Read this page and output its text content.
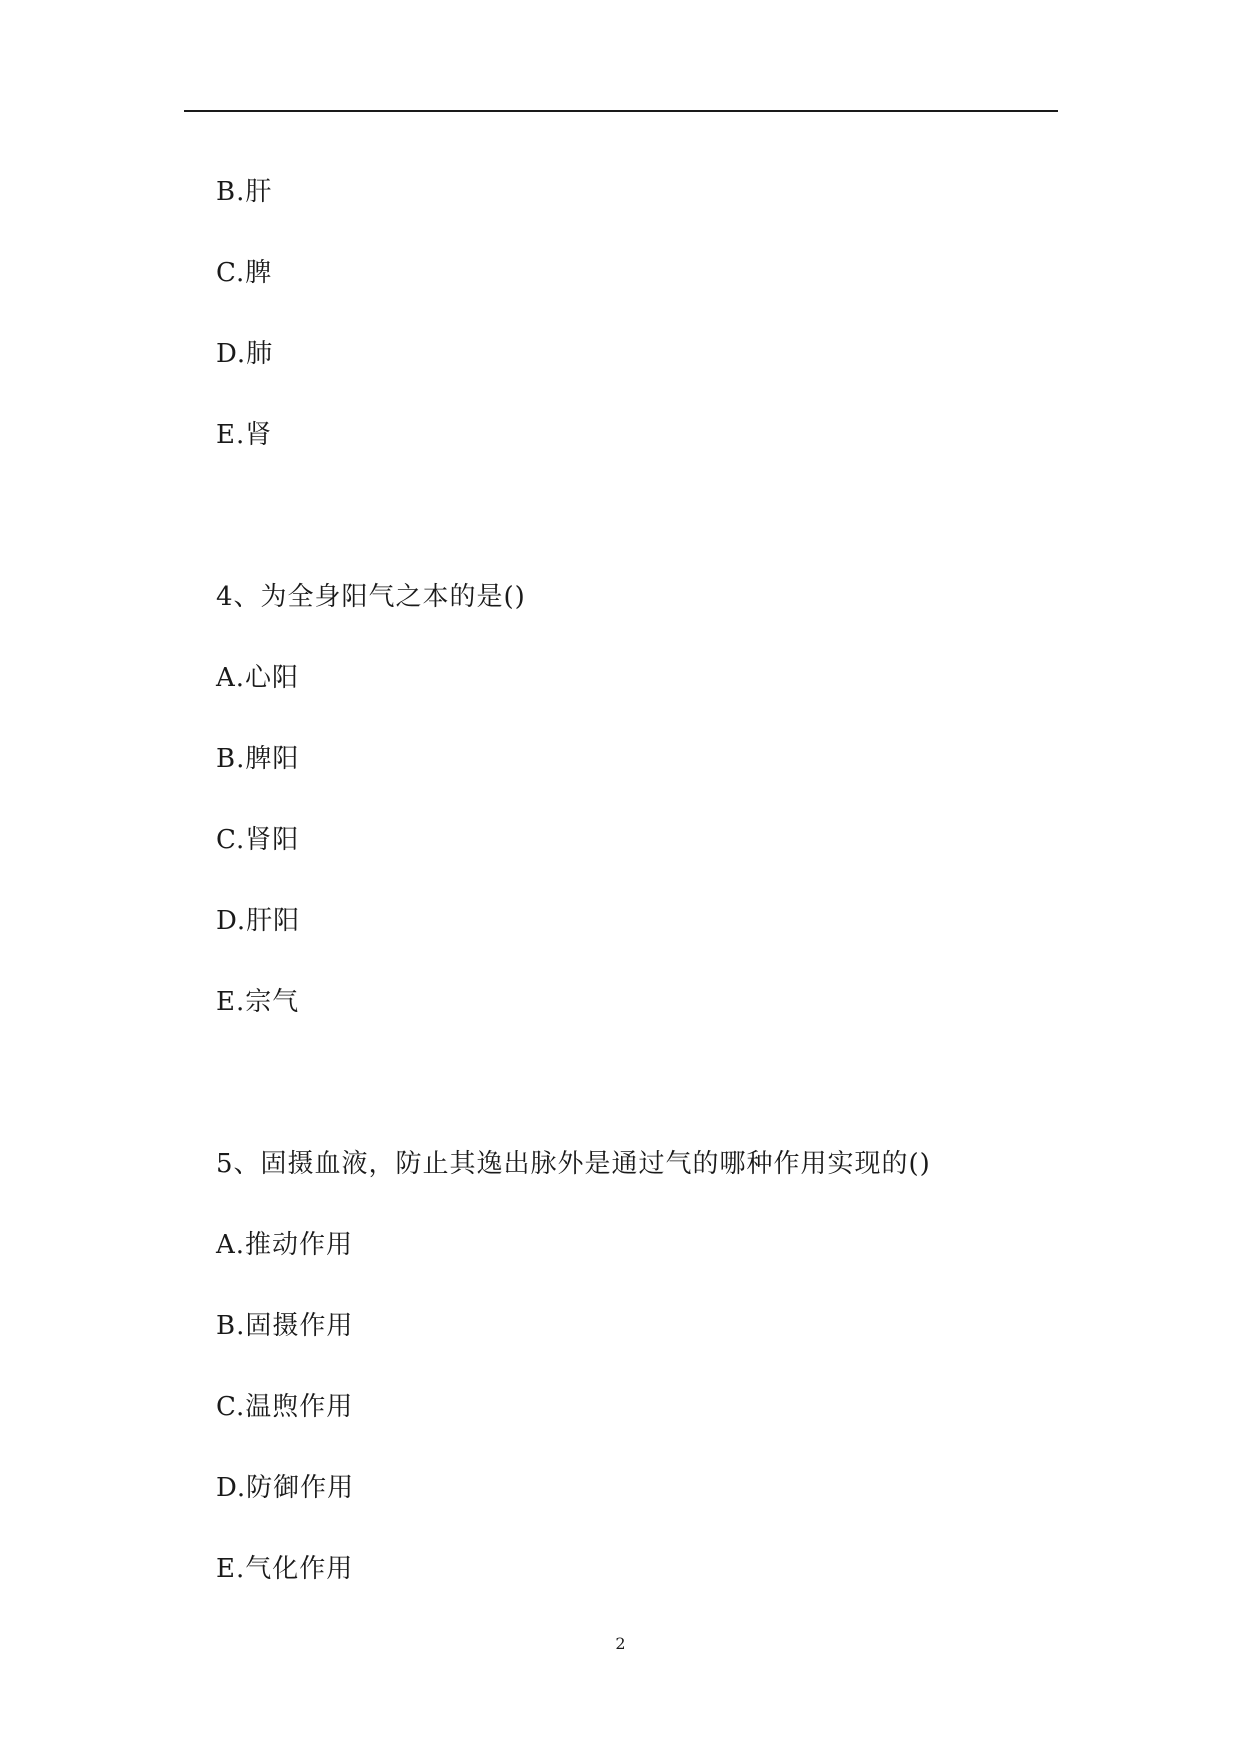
B.肝
C.脾
D.肺
E.肾
4、为全身阳气之本的是()
A.心阳
B.脾阳
C.肾阳
D.肝阳
E.宗气
5、固摄血液，防止其逸出脉外是通过气的哪种作用实现的()
A.推动作用
B.固摄作用
C.温煦作用
D.防御作用
E.气化作用
2
